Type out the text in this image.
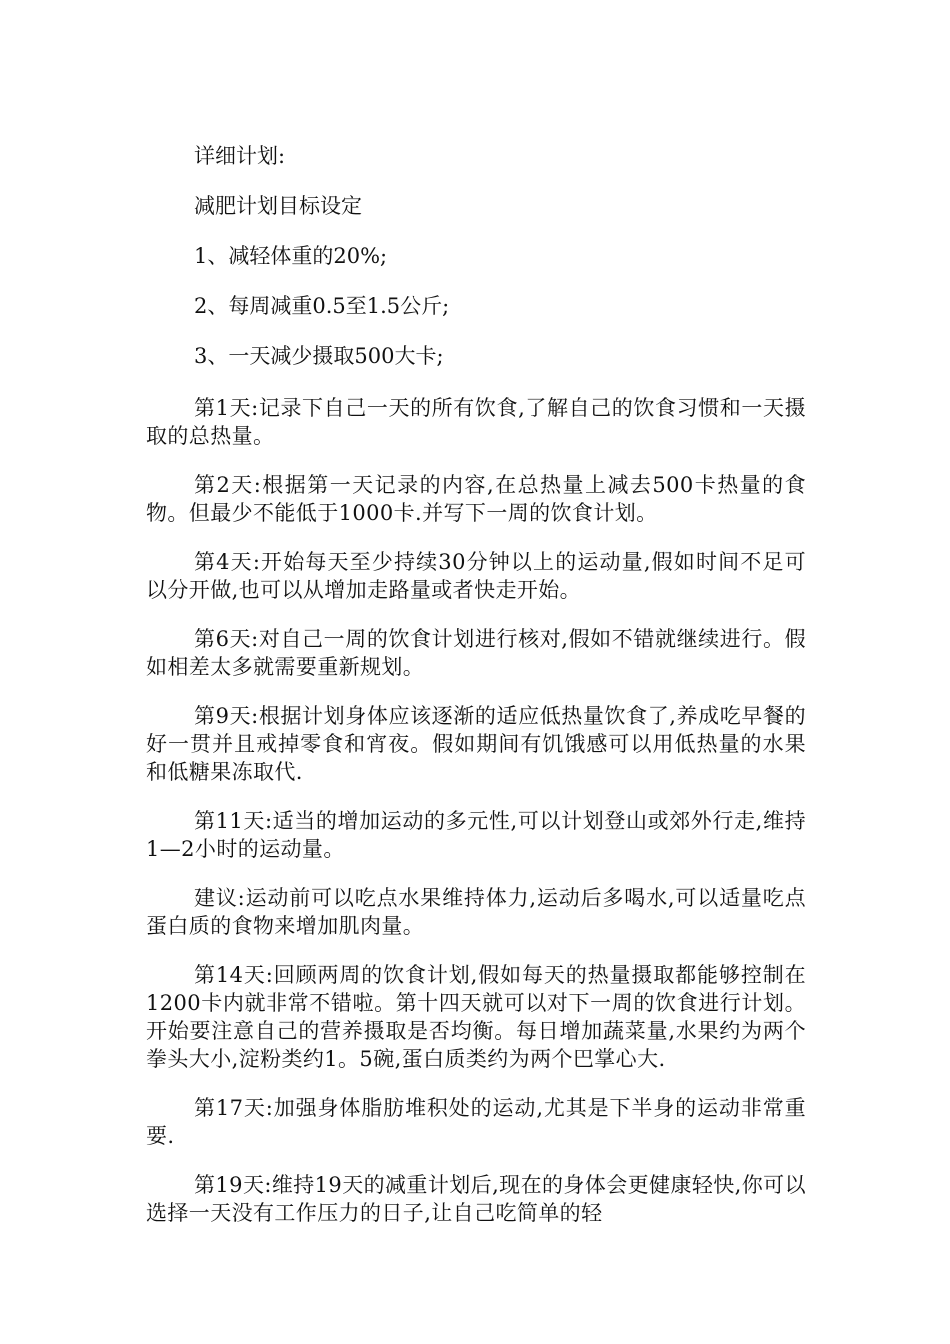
详细计划:

减肥计划目标设定

1、减轻体重的20%;

2、每周减重0.5至1.5公斤;

3、一天减少摄取500大卡;

第1天:记录下自己一天的所有饮食,了解自己的饮食习惯和一天摄取的总热量。

第2天:根据第一天记录的内容,在总热量上减去500卡热量的食物。但最少不能低于1000卡.并写下一周的饮食计划。

第4天:开始每天至少持续30分钟以上的运动量,假如时间不足可以分开做,也可以从增加走路量或者快走开始。

第6天:对自己一周的饮食计划进行核对,假如不错就继续进行。假如相差太多就需要重新规划。

第9天:根据计划身体应该逐渐的适应低热量饮食了,养成吃早餐的好一贯并且戒掉零食和宵夜。假如期间有饥饿感可以用低热量的水果和低糖果冻取代.

第11天:适当的增加运动的多元性,可以计划登山或郊外行走,维持1—2小时的运动量。

建议:运动前可以吃点水果维持体力,运动后多喝水,可以适量吃点蛋白质的食物来增加肌肉量。

第14天:回顾两周的饮食计划,假如每天的热量摄取都能够控制在1200卡内就非常不错啦。第十四天就可以对下一周的饮食进行计划。开始要注意自己的营养摄取是否均衡。每日增加蔬菜量,水果约为两个拳头大小,淀粉类约1。5碗,蛋白质类约为两个巴掌心大.

第17天:加强身体脂肪堆积处的运动,尤其是下半身的运动非常重要.

第19天:维持19天的减重计划后,现在的身体会更健康轻快,你可以选择一天没有工作压力的日子,让自己吃简单的轻
